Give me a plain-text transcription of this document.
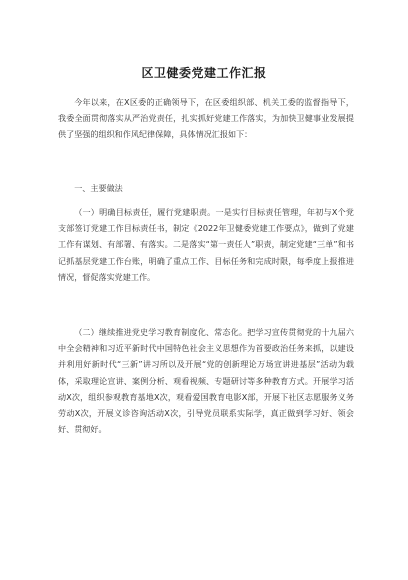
区卫健委党建工作汇报

今年以来，在X区委的正确领导下，在区委组织部、机关工委的监督指导下，我委全面贯彻落实从严治党责任，扎实抓好党建工作落实，为加快卫健事业发展提供了坚强的组织和作风纪律保障，具体情况汇报如下：

一、主要做法

（一）明确目标责任，履行党建职责。一是实行目标责任管理，年初与X个党支部签订党建工作目标责任书，制定《2022年卫健委党建工作要点》，做到了党建工作有谋划、有部署、有落实。二是落实“第一责任人”职责，制定党建“三单”和书记抓基层党建工作台账，明确了重点工作、目标任务和完成时限，每季度上报推进情况，督促落实党建工作。

（二）继续推进党史学习教育制度化、常态化。把学习宣传贯彻党的十九届六中全会精神和习近平新时代中国特色社会主义思想作为首要政治任务来抓，以建设并利用好新时代“三新”讲习所以及开展“党的创新理论万场宣讲进基层”活动为载体，采取理论宣讲、案例分析、观看视频、专题研讨等多种教育方式。开展学习活动X次，组织参观教育基地X次，观看爱国教育电影X部，开展下社区志愿服务义务劳动X次，开展义诊咨询活动X次，引导党员联系实际学，真正做到学习好、领会好、贯彻好。
